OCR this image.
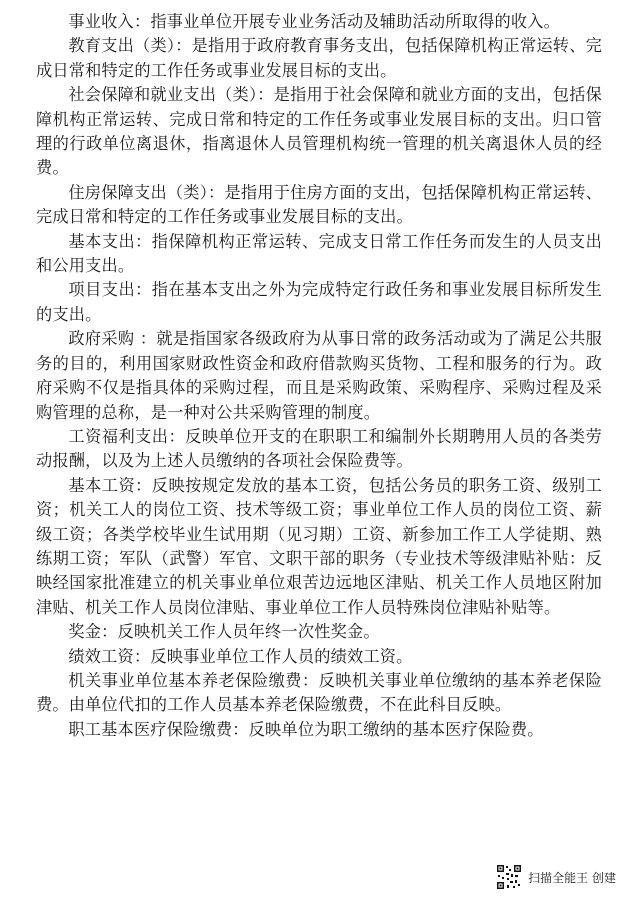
事业收入：指事业单位开展专业业务活动及辅助活动所取得的收入。

教育支出（类）：是指用于政府教育事务支出，包括保障机构正常运转、完成日常和特定的工作任务或事业发展目标的支出。

社会保障和就业支出（类）：是指用于社会保障和就业方面的支出，包括保障机构正常运转、完成日常和特定的工作任务或事业发展目标的支出。归口管理的行政单位离退休，指离退休人员管理机构统一管理的机关离退休人员的经费。

住房保障支出（类）：是指用于住房方面的支出，包括保障机构正常运转、完成日常和特定的工作任务或事业发展目标的支出。

基本支出：指保障机构正常运转、完成支日常工作任务而发生的人员支出和公用支出。

项目支出：指在基本支出之外为完成特定行政任务和事业发展目标所发生的支出。

政府采购 ：就是指国家各级政府为从事日常的政务活动或为了满足公共服务的目的，利用国家财政性资金和政府借款购买货物、工程和服务的行为。政府采购不仅是指具体的采购过程，而且是采购政策、采购程序、采购过程及采购管理的总称，是一种对公共采购管理的制度。

工资福利支出：反映单位开支的在职职工和编制外长期聘用人员的各类劳动报酬，以及为上述人员缴纳的各项社会保险费等。

基本工资：反映按规定发放的基本工资，包括公务员的职务工资、级别工资；机关工人的岗位工资、技术等级工资；事业单位工作人员的岗位工资、薪级工资；各类学校毕业生试用期（见习期）工资、新参加工作工人学徒期、熟练期工资；军队（武警）军官、文职干部的职务（专业技术等级津贴补贴：反映经国家批准建立的机关事业单位艰苦边远地区津贴、机关工作人员地区附加津贴、机关工作人员岗位津贴、事业单位工作人员特殊岗位津贴补贴等。

奖金：反映机关工作人员年终一次性奖金。

绩效工资：反映事业单位工作人员的绩效工资。

机关事业单位基本养老保险缴费：反映机关事业单位缴纳的基本养老保险费。由单位代扣的工作人员基本养老保险缴费，不在此科目反映。

职工基本医疗保险缴费：反映单位为职工缴纳的基本医疗保险费。

扫描全能王 创建
